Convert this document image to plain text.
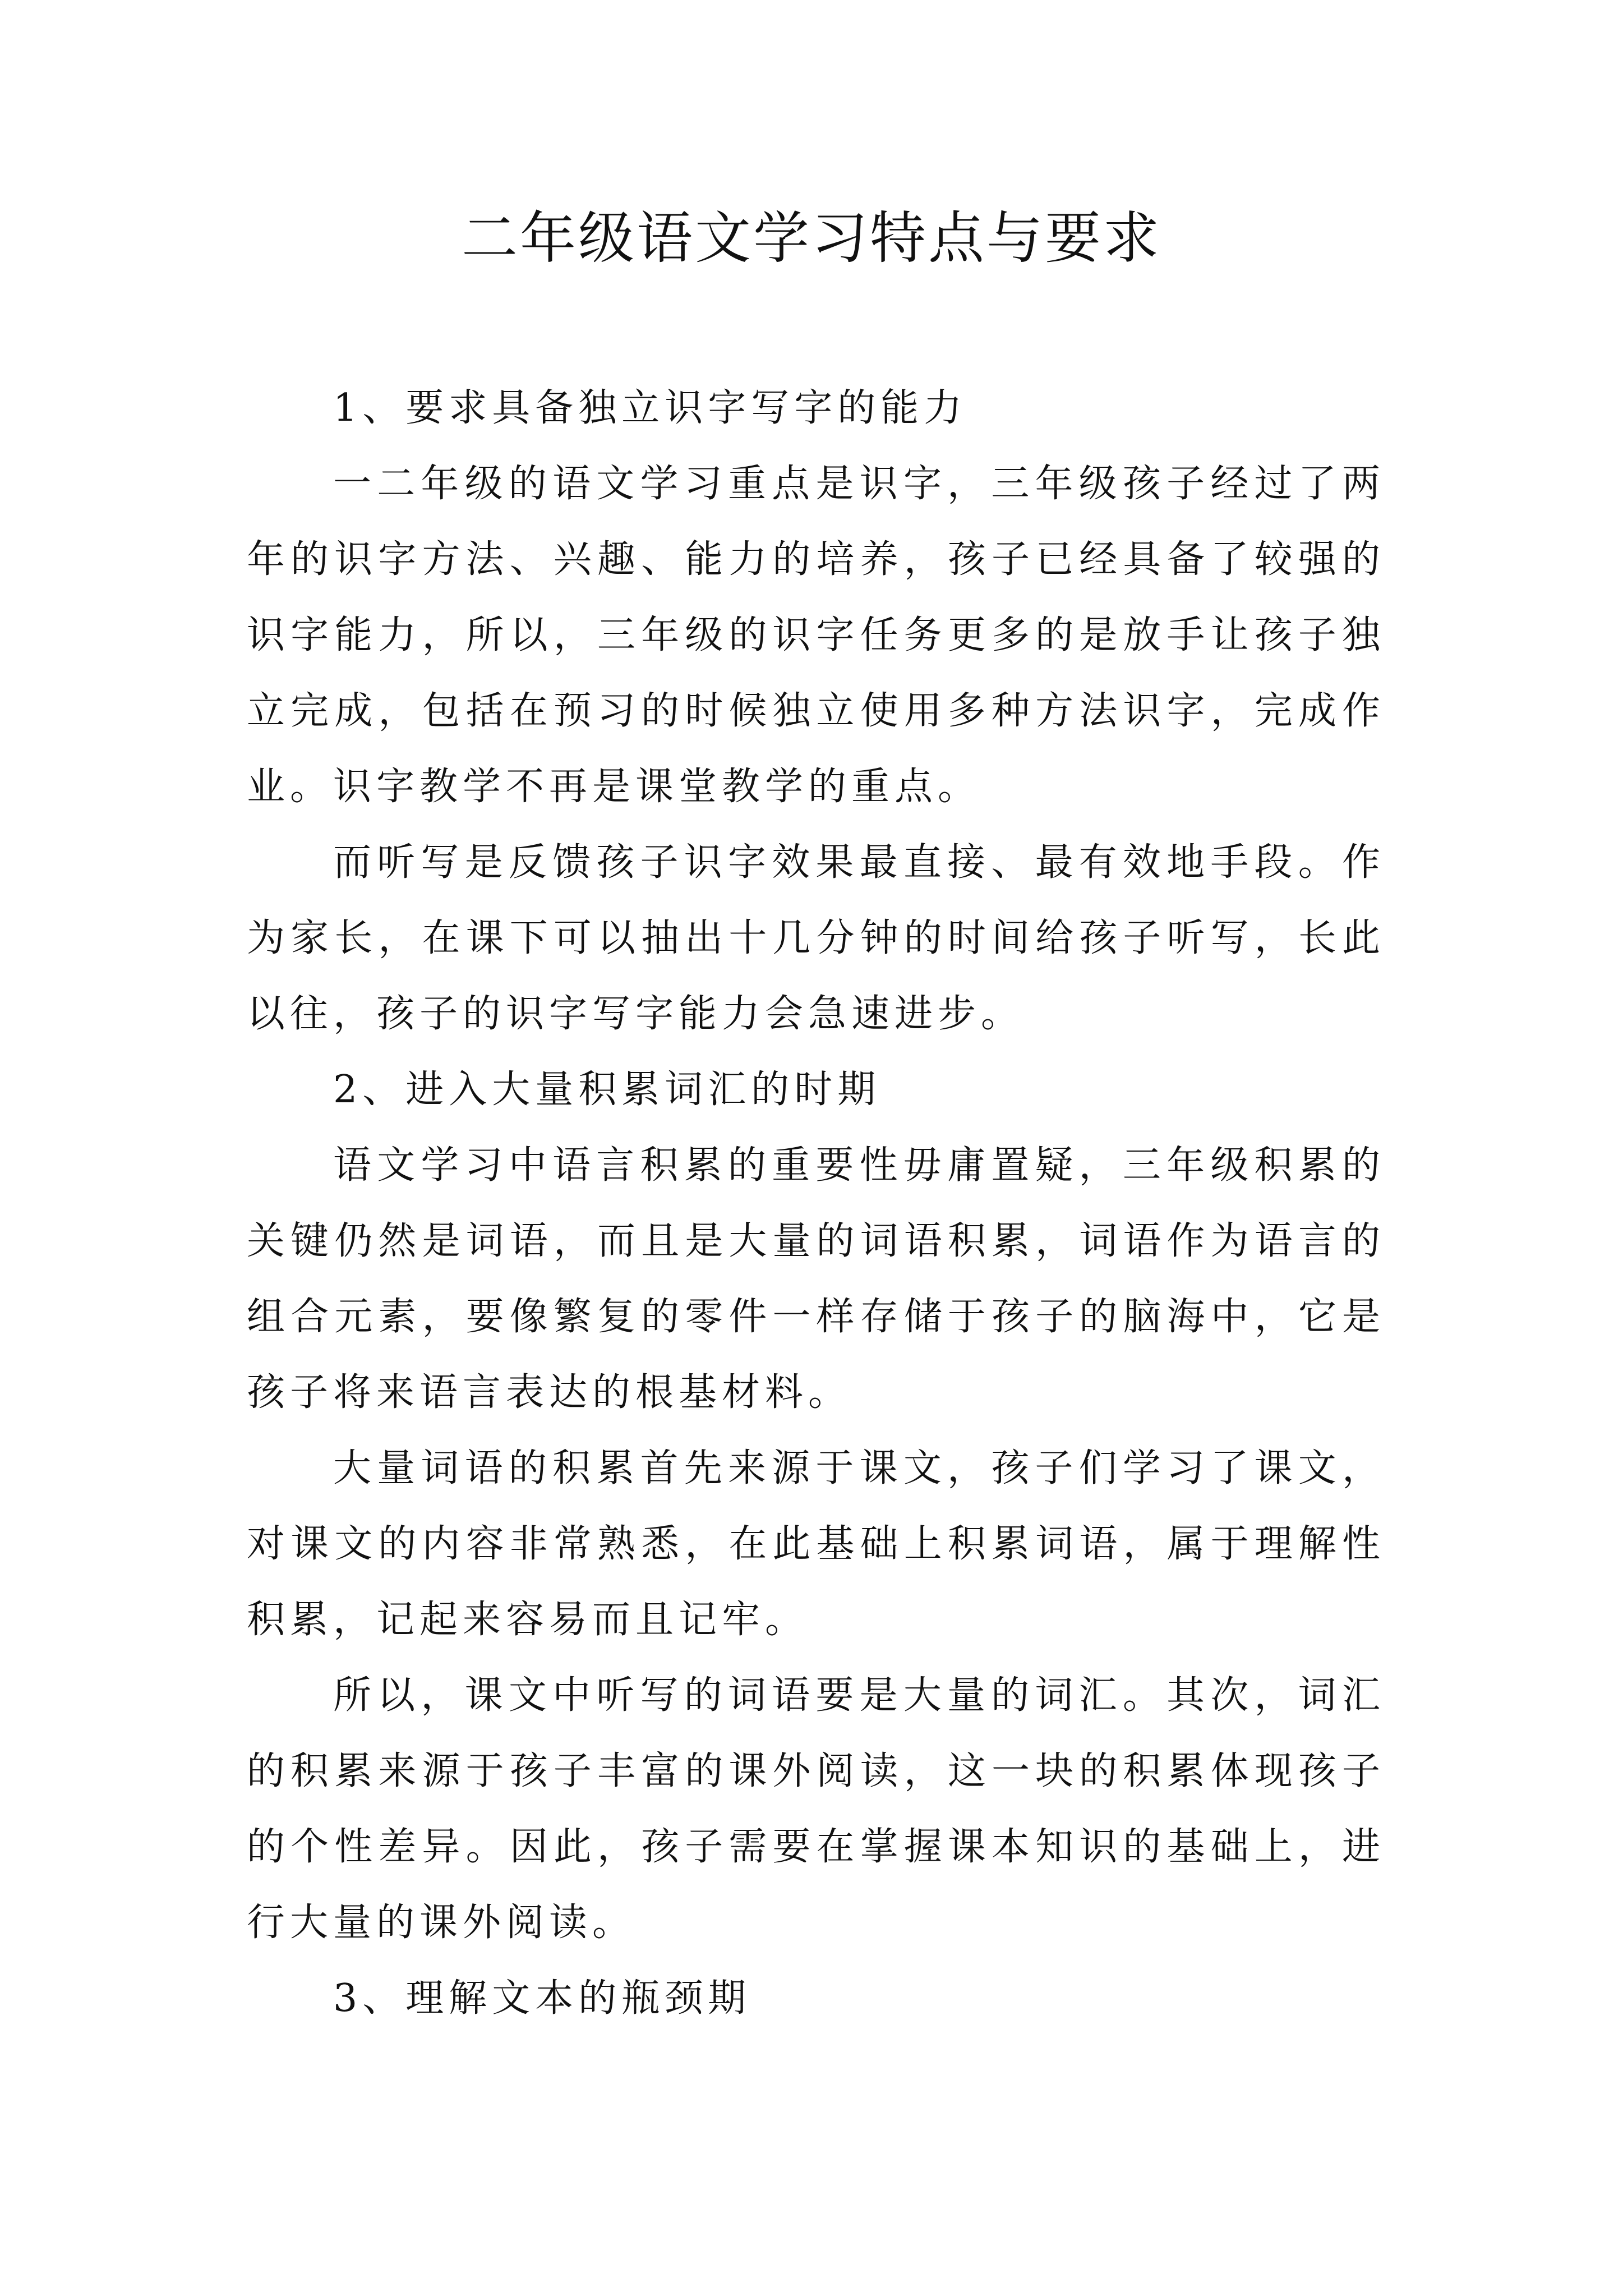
二年级语文学习特点与要求

1、要求具备独立识字写字的能力

一二年级的语文学习重点是识字，三年级孩子经过了两年的识字方法、兴趣、能力的培养，孩子已经具备了较强的识字能力，所以，三年级的识字任务更多的是放手让孩子独立完成，包括在预习的时候独立使用多种方法识字，完成作业。识字教学不再是课堂教学的重点。

而听写是反馈孩子识字效果最直接、最有效地手段。作为家长，在课下可以抽出十几分钟的时间给孩子听写，长此以往，孩子的识字写字能力会急速进步。

2、进入大量积累词汇的时期

语文学习中语言积累的重要性毋庸置疑，三年级积累的关键仍然是词语，而且是大量的词语积累，词语作为语言的组合元素，要像繁复的零件一样存储于孩子的脑海中，它是孩子将来语言表达的根基材料。

大量词语的积累首先来源于课文，孩子们学习了课文，对课文的内容非常熟悉，在此基础上积累词语，属于理解性积累，记起来容易而且记牢。

所以，课文中听写的词语要是大量的词汇。其次，词汇的积累来源于孩子丰富的课外阅读，这一块的积累体现孩子的个性差异。因此，孩子需要在掌握课本知识的基础上，进行大量的课外阅读。

3、理解文本的瓶颈期
